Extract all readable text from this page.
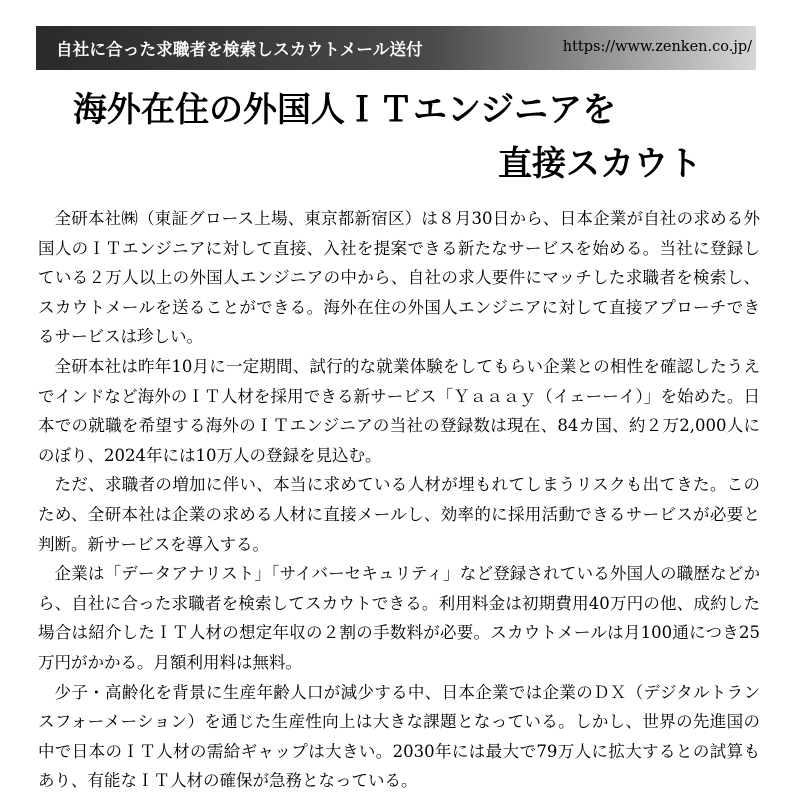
自社に合った求職者を検索しスカウトメール送付	https://www.zenken.co.jp/
海外在住の外国人ＩＴエンジニアを
直接スカウト

全研本社㈱（東証グロース上場、東京都新宿区）は８月30日から、日本企業が自社の求める外国人のＩＴエンジニアに対して直接、入社を提案できる新たなサービスを始める。当社に登録している２万人以上の外国人エンジニアの中から、自社の求人要件にマッチした求職者を検索し、スカウトメールを送ることができる。海外在住の外国人エンジニアに対して直接アプローチできるサービスは珍しい。

全研本社は昨年10月に一定期間、試行的な就業体験をしてもらい企業との相性を確認したうえでインドなど海外のＩＴ人材を採用できる新サービス「Ｙａａａｙ（イェーーイ）」を始めた。日本での就職を希望する海外のＩＴエンジニアの当社の登録数は現在、84カ国、約２万2,000人にのぼり、2024年には10万人の登録を見込む。

ただ、求職者の増加に伴い、本当に求めている人材が埋もれてしまうリスクも出てきた。このため、全研本社は企業の求める人材に直接メールし、効率的に採用活動できるサービスが必要と判断。新サービスを導入する。

企業は「データアナリスト」「サイバーセキュリティ」など登録されている外国人の職歴などから、自社に合った求職者を検索してスカウトできる。利用料金は初期費用40万円の他、成約した場合は紹介したＩＴ人材の想定年収の２割の手数料が必要。スカウトメールは月100通につき25万円がかかる。月額利用料は無料。

少子・高齢化を背景に生産年齢人口が減少する中、日本企業では企業のＤＸ（デジタルトランスフォーメーション）を通じた生産性向上は大きな課題となっている。しかし、世界の先進国の中で日本のＩＴ人材の需給ギャップは大きい。2030年には最大で79万人に拡大するとの試算もあり、有能なＩＴ人材の確保が急務となっている。
